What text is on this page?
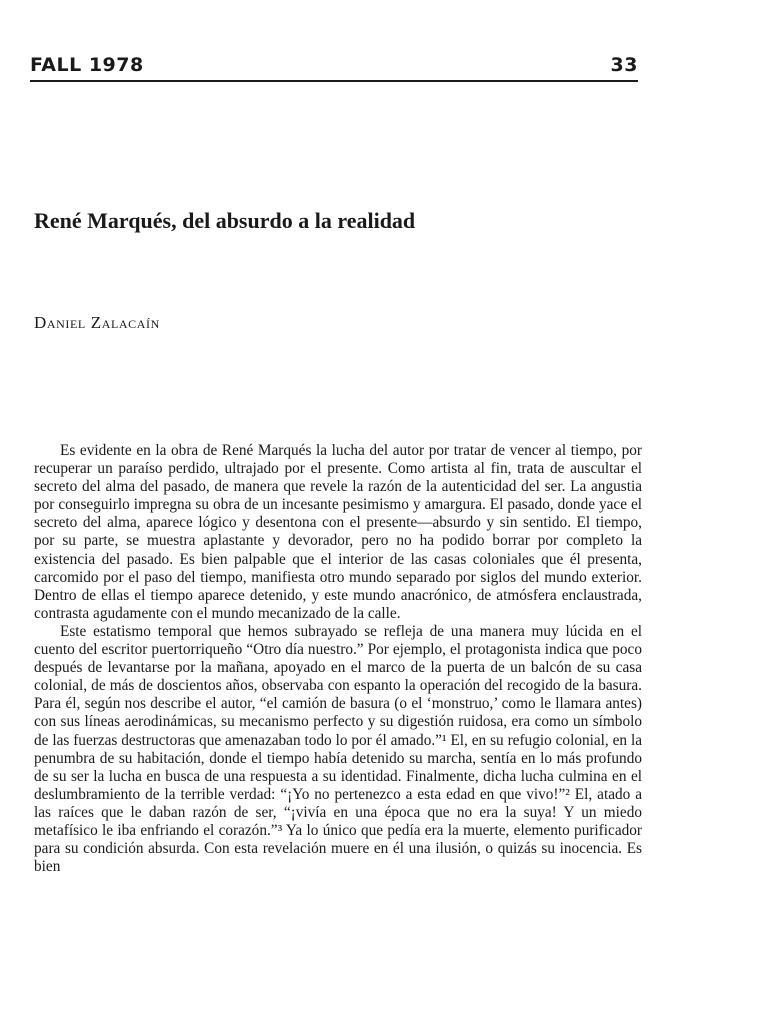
FALL 1978	33
René Marqués, del absurdo a la realidad
Daniel Zalacaín

Es evidente en la obra de René Marqués la lucha del autor por tratar de vencer al tiempo, por recuperar un paraíso perdido, ultrajado por el presente. Como artista al fin, trata de auscultar el secreto del alma del pasado, de manera que revele la razón de la autenticidad del ser. La angustia por conseguirlo impregna su obra de un incesante pesimismo y amargura. El pasado, donde yace el secreto del alma, aparece lógico y desentona con el presente—absurdo y sin sentido. El tiempo, por su parte, se muestra aplastante y devorador, pero no ha podido borrar por completo la existencia del pasado. Es bien palpable que el interior de las casas coloniales que él presenta, carcomido por el paso del tiempo, manifiesta otro mundo separado por siglos del mundo exterior. Dentro de ellas el tiempo aparece detenido, y este mundo anacrónico, de atmósfera enclaustrada, contrasta agudamente con el mundo mecanizado de la calle.

Este estatismo temporal que hemos subrayado se refleja de una manera muy lúcida en el cuento del escritor puertorriqueño “Otro día nuestro.” Por ejemplo, el protagonista indica que poco después de levantarse por la mañana, apoyado en el marco de la puerta de un balcón de su casa colonial, de más de doscientos años, observaba con espanto la operación del recogido de la basura. Para él, según nos describe el autor, “el camión de basura (o el ‘monstruo,’ como le llamara antes) con sus líneas aerodinámicas, su mecanismo perfecto y su digestión ruidosa, era como un símbolo de las fuerzas destructoras que amenazaban todo lo por él amado.”¹ El, en su refugio colonial, en la penumbra de su habitación, donde el tiempo había detenido su marcha, sentía en lo más profundo de su ser la lucha en busca de una respuesta a su identidad. Finalmente, dicha lucha culmina en el deslumbramiento de la terrible verdad: “¡Yo no pertenezco a esta edad en que vivo!”² El, atado a las raíces que le daban razón de ser, “¡vivía en una época que no era la suya! Y un miedo metafísico le iba enfriando el corazón.”³ Ya lo único que pedía era la muerte, elemento purificador para su condición absurda. Con esta revelación muere en él una ilusión, o quizás su inocencia. Es bien
